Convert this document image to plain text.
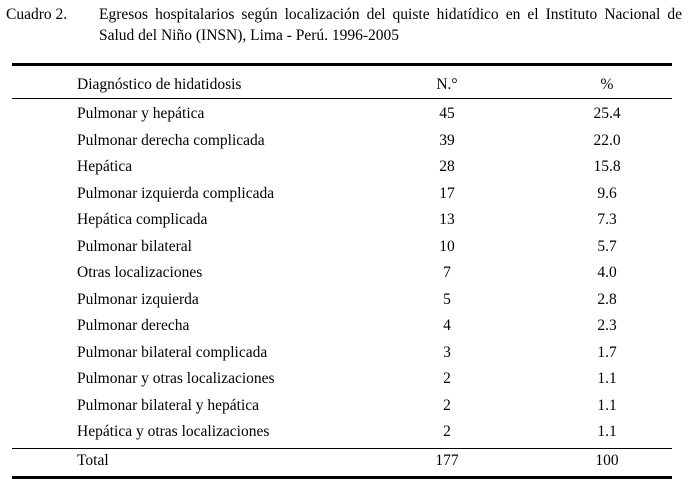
Cuadro 2. Egresos hospitalarios según localización del quiste hidatídico en el Instituto Nacional de Salud del Niño (INSN), Lima - Perú. 1996-2005
Diagnóstico de hidatidosis	N.°	%
Pulmonar y hepática	45	25.4
Pulmonar derecha complicada	39	22.0
Hepática	28	15.8
Pulmonar izquierda complicada	17	9.6
Hepática complicada	13	7.3
Pulmonar bilateral	10	5.7
Otras localizaciones	7	4.0
Pulmonar izquierda	5	2.8
Pulmonar derecha	4	2.3
Pulmonar bilateral complicada	3	1.7
Pulmonar y otras localizaciones	2	1.1
Pulmonar bilateral y hepática	2	1.1
Hepática y otras localizaciones	2	1.1
Total	177	100
